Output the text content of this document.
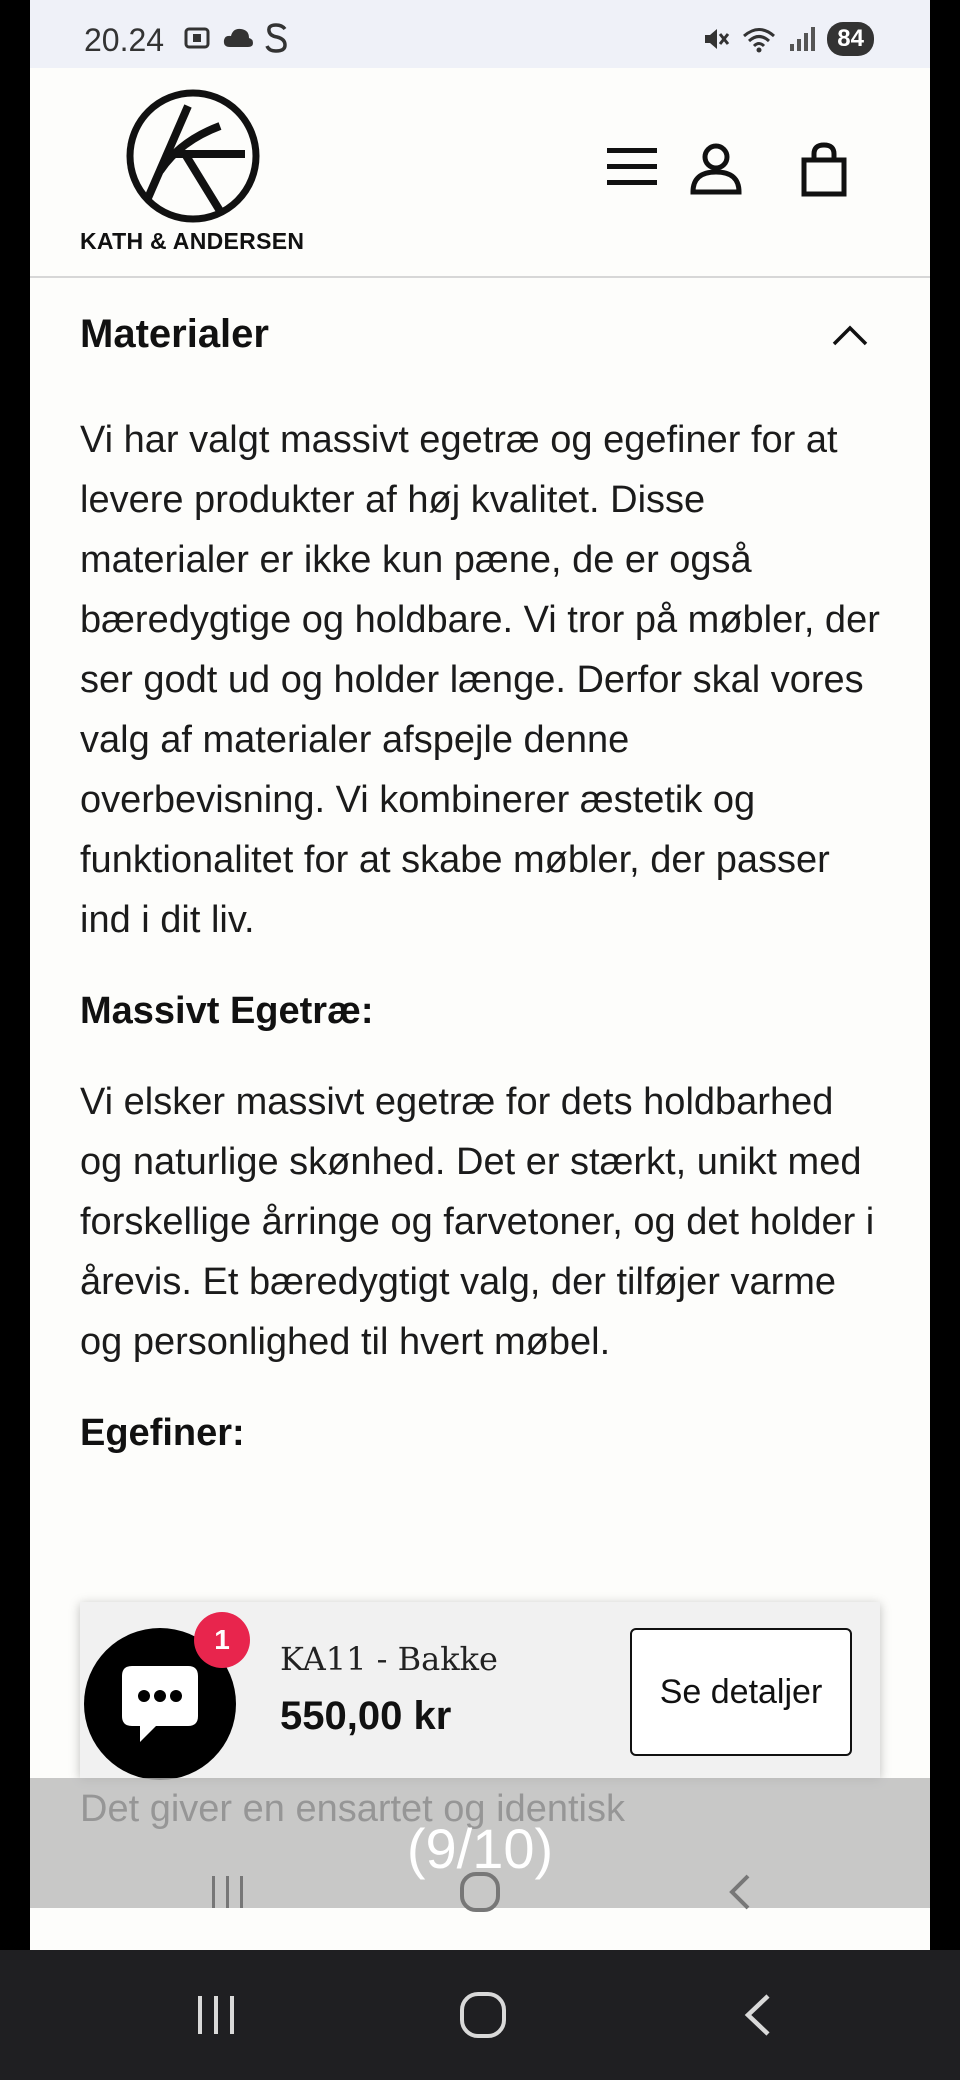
20.24	84
KATH & ANDERSEN
Materialer

Vi har valgt massivt egetræ og egefiner for at levere produkter af høj kvalitet. Disse materialer er ikke kun pæne, de er også bæredygtige og holdbare. Vi tror på møbler, der ser godt ud og holder længe. Derfor skal vores valg af materialer afspejle denne overbevisning. Vi kombinerer æstetik og funktionalitet for at skabe møbler, der passer ind i dit liv.

Massivt Egetræ:

Vi elsker massivt egetræ for dets holdbarhed og naturlige skønhed. Det er stærkt, unikt med forskellige årringe og farvetoner, og det holder i årevis. Et bæredygtigt valg, der tilføjer varme og personlighed til hvert møbel.

Egefiner:
1
KA11 - Bakke
550,00 kr
Se detaljer
(9/10)
